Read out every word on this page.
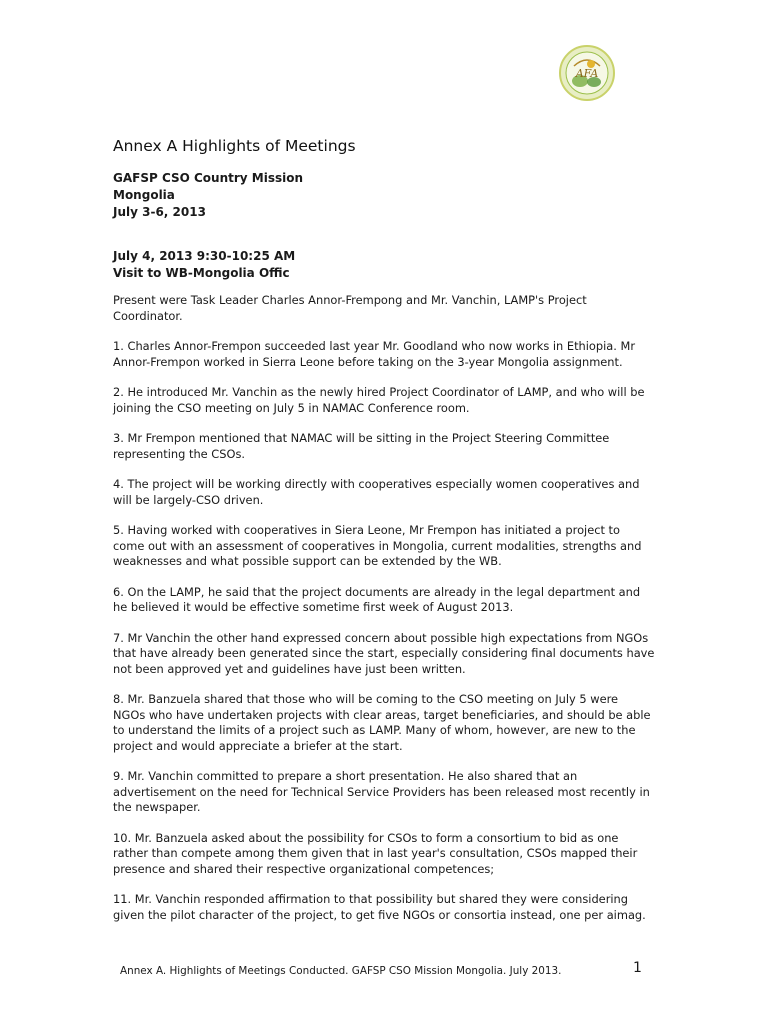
AFA
Annex A Highlights of Meetings
GAFSP CSO Country Mission
Mongolia
July 3-6, 2013
July 4, 2013 9:30-10:25 AM
Visit to WB-Mongolia Offic

Present were Task Leader Charles Annor-Frempong and Mr. Vanchin, LAMP's Project
Coordinator.

1. Charles Annor-Frempon succeeded last year Mr. Goodland who now works in Ethiopia. Mr
Annor-Frempon worked in Sierra Leone before taking on the 3-year Mongolia assignment.

2. He introduced Mr. Vanchin as the newly hired Project Coordinator of LAMP, and who will be
joining the CSO meeting on July 5 in NAMAC Conference room.

3. Mr Frempon mentioned that NAMAC will be sitting in the Project Steering Committee
representing the CSOs.

4. The project will be working directly with cooperatives especially women cooperatives and
will be largely-CSO driven.

5. Having worked with cooperatives in Siera Leone, Mr Frempon has initiated a project to
come out with an assessment of cooperatives in Mongolia, current modalities, strengths and
weaknesses and what possible support can be extended by the WB.

6. On the LAMP, he said that the project documents are already in the legal department and
he believed it would be effective sometime first week of August 2013.

7. Mr Vanchin the other hand expressed concern about possible high expectations from NGOs
that have already been generated since the start, especially considering final documents have
not been approved yet and guidelines have just been written.

8. Mr. Banzuela shared that those who will be coming to the CSO meeting on July 5 were
NGOs who have undertaken projects with clear areas, target beneficiaries, and should be able
to understand the limits of a project such as LAMP. Many of whom, however, are new to the
project and would appreciate a briefer at the start.

9. Mr. Vanchin committed to prepare a short presentation. He also shared that an
advertisement on the need for Technical Service Providers has been released most recently in
the newspaper.

10. Mr. Banzuela asked about the possibility for CSOs to form a consortium to bid as one
rather than compete among them given that in last year's consultation, CSOs mapped their
presence and shared their respective organizational competences;

11. Mr. Vanchin responded affirmation to that possibility but shared they were considering
given the pilot character of the project, to get five NGOs or consortia instead, one per aimag.

Annex A. Highlights of Meetings Conducted. GAFSP CSO Mission Mongolia. July 2013.	1
